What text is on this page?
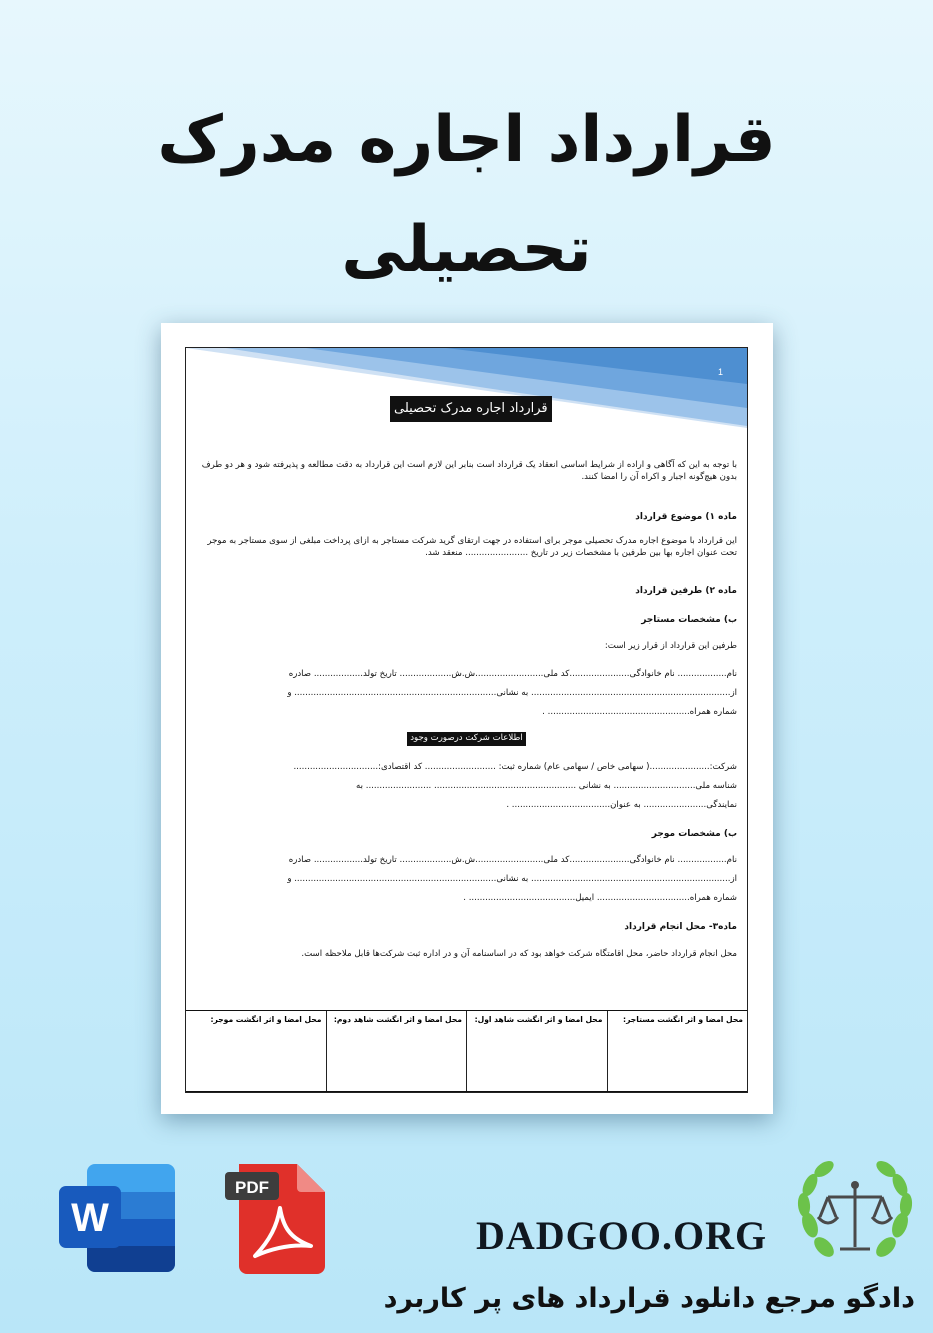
قرارداد اجاره مدرک
تحصیلی
1
قرارداد اجاره مدرک تحصیلی
با توجه به این که آگاهی و اراده از شرایط اساسی انعقاد یک قرارداد است بنابر این لازم است این قرارداد به دقت مطالعه و پذیرفته شود و هر دو طرف بدون هیچ‌گونه اجبار و اکراه آن را امضا کنند.
ماده ۱) موضوع قرارداد
این قرارداد با موضوع اجاره مدرک تحصیلی موجر برای استفاده در جهت ارتقای گرید شرکت مستاجر به ازای پرداخت مبلغی از سوی مستاجر به موجر تحت عنوان اجاره بها بین طرفین با مشخصات زیر در تاریخ ....................... منعقد شد.
ماده ۲) طرفین قرارداد
ب) مشخصات مستاجر
طرفین این قرارداد از قرار زیر است:
نام.................. نام خانوادگی......................کد ملی.........................ش.ش................... تاریخ تولد.................. صادره
از......................................................................... به نشانی.......................................................................... و
شماره همراه.................................................... .
اطلاعات شرکت درصورت وجود
شرکت:......................( سهامی خاص / سهامی عام) شماره ثبت: .......................... کد اقتصادی:...............................
شناسه ملی.............................. به نشانی .................................................... ........................ به
نمایندگی....................... به عنوان.................................... .
ب) مشخصات موجر
نام.................. نام خانوادگی......................کد ملی.........................ش.ش................... تاریخ تولد.................. صادره
از......................................................................... به نشانی.......................................................................... و
شماره همراه.................................. ایمیل....................................... .
ماده۳- محل انجام قرارداد
محل انجام قرارداد حاضر، محل اقامتگاه شرکت خواهد بود که در اساسنامه آن و در اداره ثبت شرکت‌ها قابل ملاحظه است.
محل امضا و اثر انگشت مستاجر:
محل امضا و اثر انگشت شاهد اول:
محل امضا و اثر انگشت شاهد دوم:
محل امضا و اثر انگشت موجر:
W
PDF
DADGOO.ORG
دادگو مرجع دانلود قرارداد های پر کاربرد
